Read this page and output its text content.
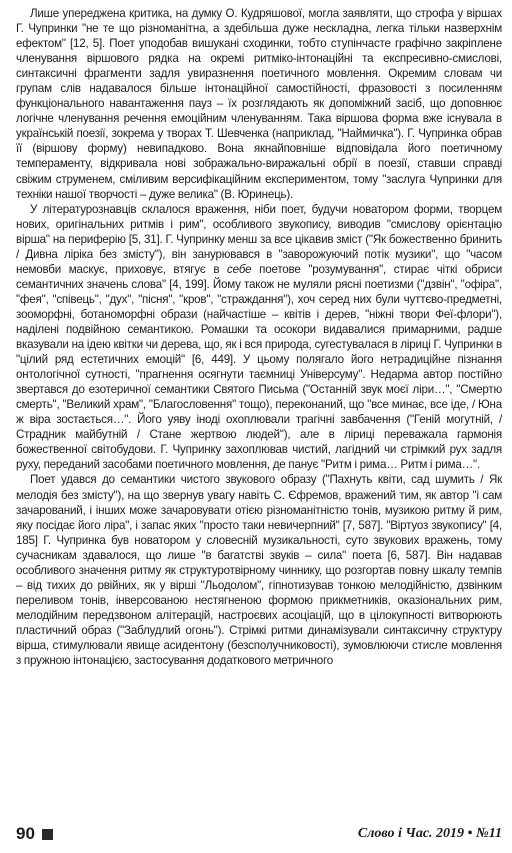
Лише упереджена критика, на думку О. Кудряшової, могла заявляти, що строфа у віршах Г. Чупринки "не те що різноманітна, а здебільша дуже нескладна, легка тільки назверхнім ефектом" [12, 5]. Поет уподобав вишукані сходинки, тобто ступінчасте графічно закріплене членування віршового рядка на окремі ритміко-інтонаційні та експресивно-смислові, синтаксичні фрагменти задля увиразнення поетичного мовлення. Окремим словам чи групам слів надавалося більше інтонаційної самостійності, фразовості з посиленням функціонального навантаження пауз – їх розглядають як допоміжний засіб, що доповнює логічне членування речення емоційним членуванням. Така віршова форма вже існувала в українській поезії, зокрема у творах Т. Шевченка (наприклад, "Наймичка"). Г. Чупринка обрав її (віршову форму) невипадково. Вона якнайповніше відповідала його поетичному темпераменту, відкривала нові зображально-виражальні обрії в поезії, ставши справді свіжим струменем, сміливим версифікаційним експериментом, тому "заслуга Чупринки для техніки нашої творчості – дуже велика" (В. Юринець).

У літературознавців склалося враження, ніби поет, будучи новатором форми, творцем нових, оригінальних ритмів і рим", особливого звукопису, виводив "смислову орієнтацію вірша" на периферію [5, 31]. Г. Чупринку менш за все цікавив зміст ("Як божественно бринить / Дивна ліріка без змісту"), він занурювався в "заворожуючий потік музики", що "часом немовби маскує, приховує, втягує в себе поетове "розумування", стирає чіткі обриси семантичних значень слова" [4, 199]. Йому також не муляли рясні поетизми ("дзвін", "офіра", "фея", "співець", "дух", "пісня", "кров", "страждання"), хоч серед них були чуттєво-предметні, зооморфні, ботаноморфні образи (найчастіше – квітів і дерев, "ніжні твори Феї-флори"), наділені подвійною семантикою. Ромашки та осокори видавалися примарними, радше вказували на ідею квітки чи дерева, що, як і вся природа, сугестувалася в ліриці Г. Чупринки в "цілий ряд естетичних емоцій" [6, 449]. У цьому полягало його нетрадиційне пізнання онтологічної сутності, "прагнення осягнути таємниці Універсуму". Недарма автор постійно звертався до езотеричної семантики Святого Письма ("Останній звук моєї ліри…", "Смертю смерть", "Великий храм", "Благословення" тощо), переконаний, що "все минає, все іде, / Юна ж віра зостається…". Його уяву іноді охоплювали трагічні завбачення ("Геній могутній, / Страдник майбутній / Стане жертвою людей"), але в ліриці переважала гармонія божественної світобудови. Г. Чупринку захоплював чистий, лагідний чи стрімкий рух задля руху, переданий засобами поетичного мовлення, де панує "Ритм і рима… Ритм і рима…".

Поет удався до семантики чистого звукового образу ("Пахнуть квіти, сад шумить / Як мелодія без змісту"), на що звернув увагу навіть С. Єфремов, вражений тим, як автор "і сам зачарований, і інших може зачаровувати отією різноманітністю тонів, музикою ритму й рим, яку посідає його ліра", і запас яких "просто таки невичерпний" [7, 587]. "Віртуоз звукопису" [4, 185] Г. Чупринка був новатором у словесній музикальності, суто звукових вражень, тому сучасникам здавалося, що лише "в багатстві звуків – сила" поета [6, 587]. Він надавав особливого значення ритму як структуротвірному чиннику, що розгортав повну шкалу темпів – від тихих до рвійних, як у вірші "Льодолом", гіпнотизував тонкою мелодійністю, дзвінким переливом тонів, інверсованою нестягненою формою прикметників, оказіональних рим, мелодійним передзвоном алітерацій, настроєвих асоціацій, що в цілокупності витворюють пластичний образ ("Заблудлий огонь"). Стрімкі ритми динамізували синтаксичну структуру вірша, стимулювали явище асидентону (безсполучниковості), зумовлюючи стисле мовлення з пружною інтонацією, застосування додаткового метричного

90	Слово і Час. 2019 • №11
